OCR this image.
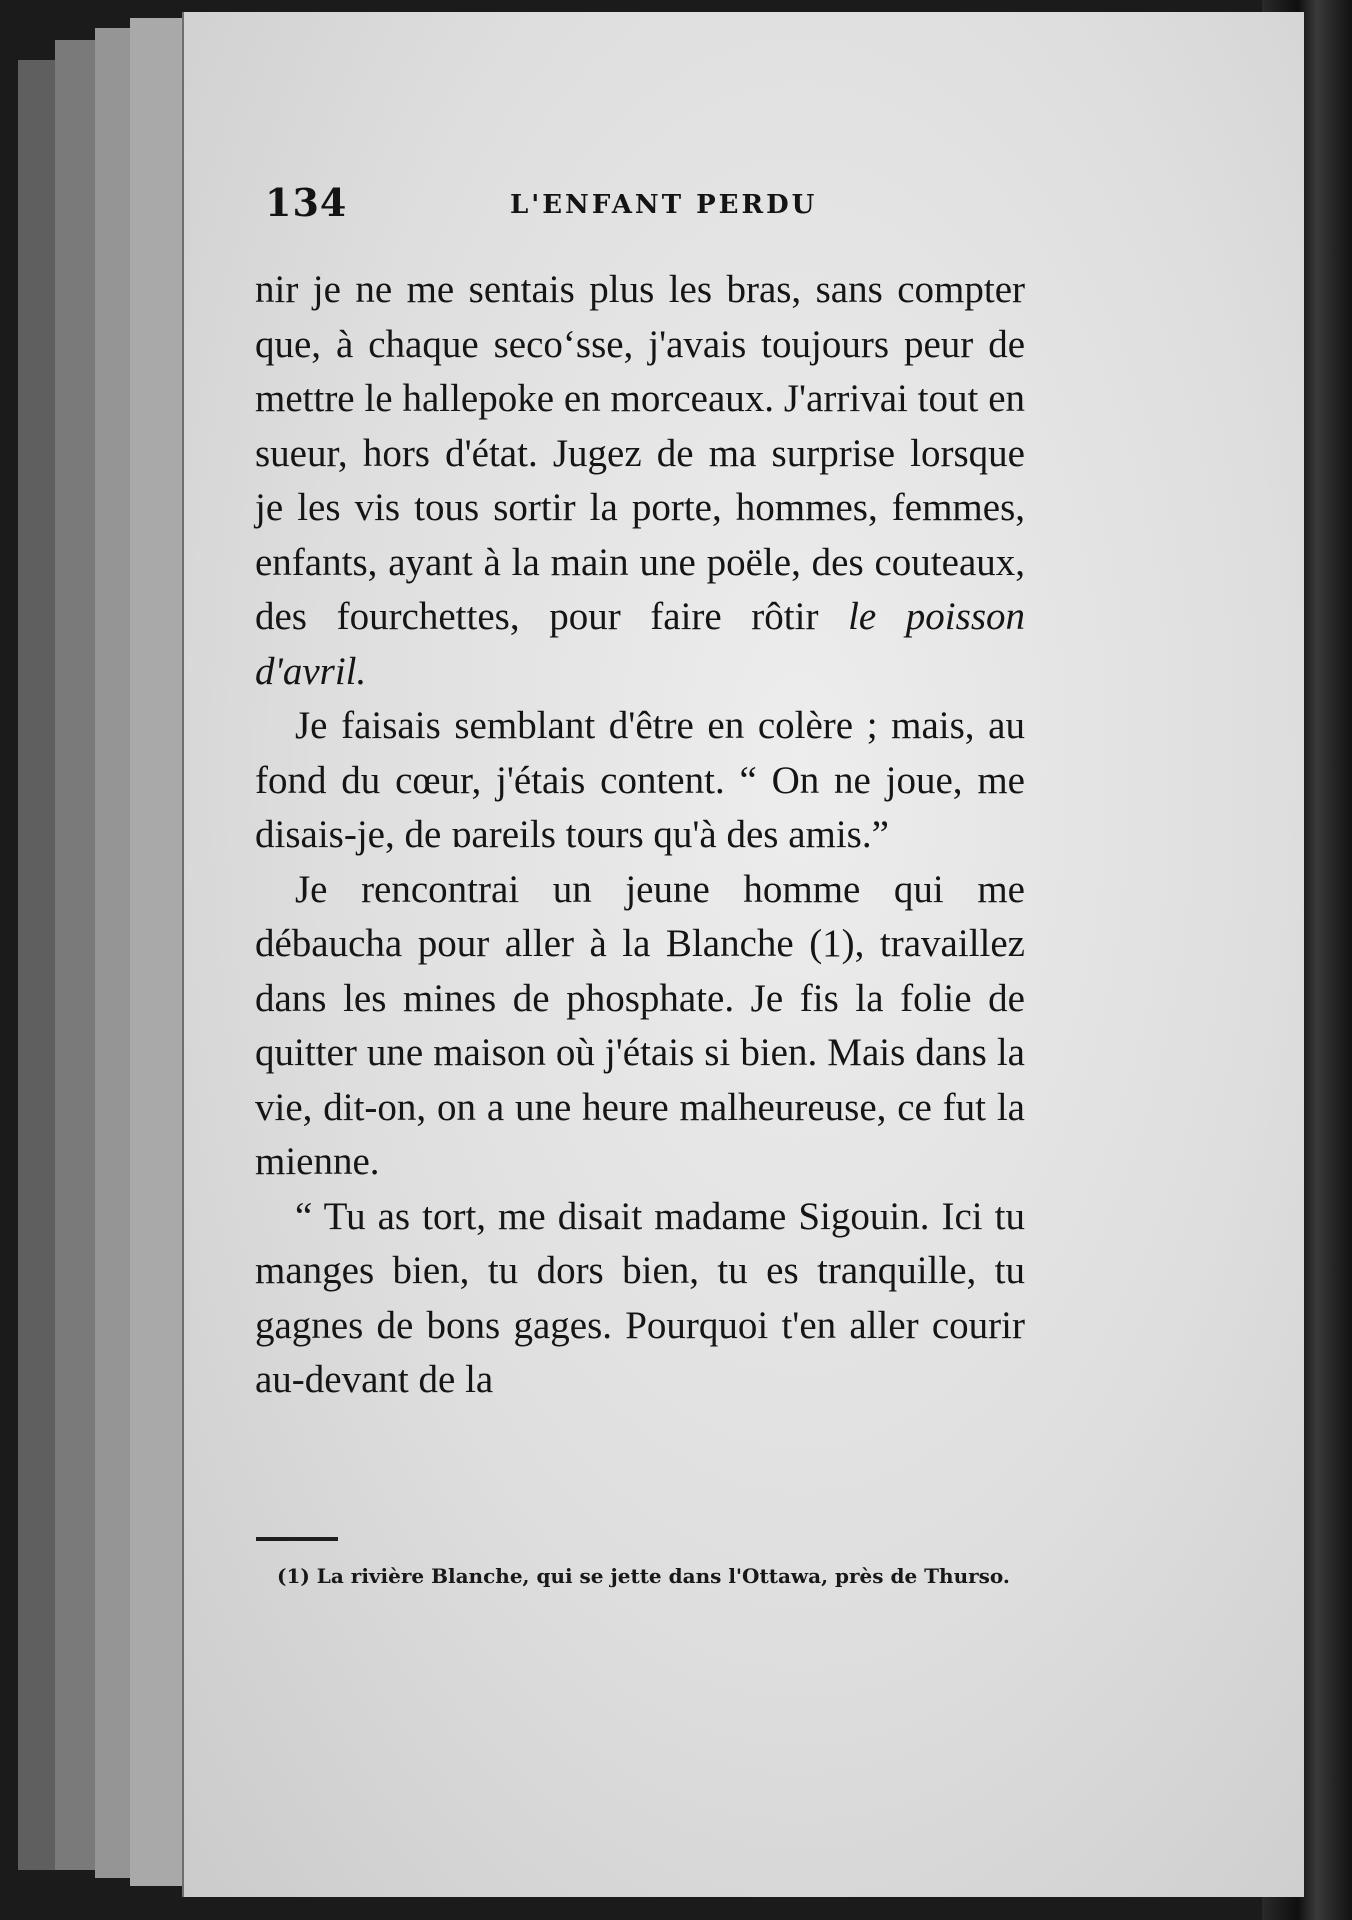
134	L'ENFANT PERDU

nir je ne me sentais plus les bras, sans compter que, à chaque secoʻsse, j'avais toujours peur de mettre le hallepoke en morceaux. J'arrivai tout en sueur, hors d'état. Jugez de ma surprise lorsque je les vis tous sortir la porte, hommes, femmes, enfants, ayant à la main une poële, des couteaux, des fourchettes, pour faire rôtir le poisson d'avril.

Je faisais semblant d'être en colère ; mais, au fond du cœur, j'étais content. “ On ne joue, me disais-je, de ɒareils tours qu'à des amis.”

Je rencontrai un jeune homme qui me débaucha pour aller à la Blanche (1), travaillez dans les mines de phosphate. Je fis la folie de quitter une maison où j'étais si bien. Mais dans la vie, dit-on, on a une heure malheureuse, ce fut la mienne.

“ Tu as tort, me disait madame Sigouin. Ici tu manges bien, tu dors bien, tu es tranquille, tu gagnes de bons gages. Pourquoi t'en aller courir au-devant de la

(1) La rivière Blanche, qui se jette dans l'Ottawa, près de Thurso.
